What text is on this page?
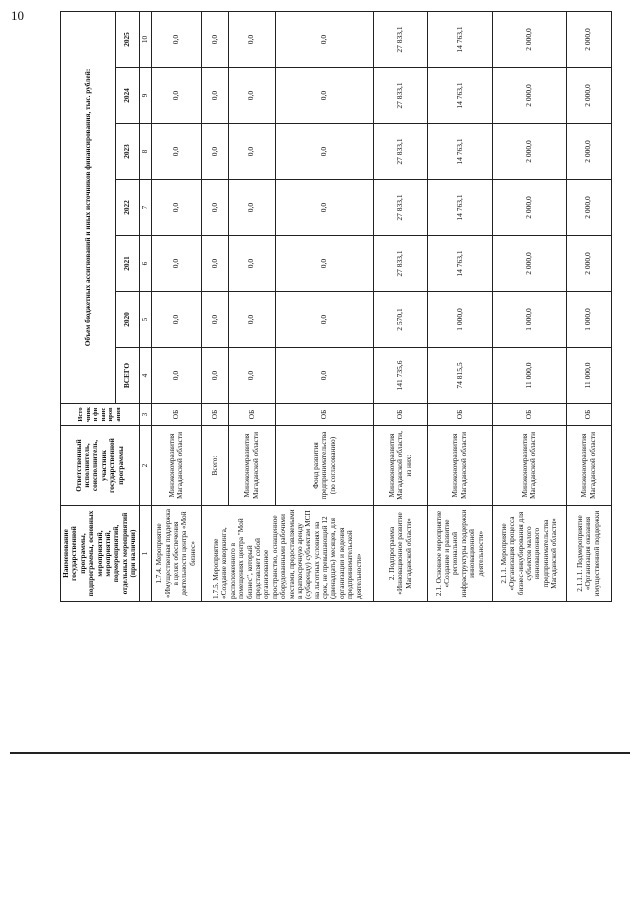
10
Наименование государственной программы, подпрограммы, основных мероприятий, мероприятий, подмероприятий, отдельных мероприятий (при наличии)	Ответственный исполнитель, соисполнитель, участник государственной программы	Источники финансирования	Объем бюджетных ассигнований и иных источников финансирования, тыс. рублей:						
			ВСЕГО	2020	2021	2022	2023	2024	2025
1	2	3	4	5	6	7	8	9	10
1.7.4. Мероприятие «Имущественная поддержка в целях обеспечения деятельности центра «Мой бизнес»	Минэкономразвития Магаданской области	ОБ	0,0	0,0	0,0	0,0	0,0	0,0	0,0
1.7.5. Мероприятие «Создание коворкинга, расположенного в помещениях центра "Мой бизнес", который представляет собой организованное пространство, оснащенное оборудованными рабочими местами, предоставляемыми в краткосрочную аренду (субаренду) субъектам МСП на льготных условиях на срок, не превышающий 12 (двенадцать) месяцев, для организации и ведения предпринимательской деятельности»	Всего:	ОБ	0,0	0,0	0,0	0,0	0,0	0,0	0,0
	Минэкономразвития Магаданской области	ОБ	0,0	0,0	0,0	0,0	0,0	0,0	0,0
	Фонд развития предпринимательства (по согласованию)	ОБ	0,0	0,0	0,0	0,0	0,0	0,0	0,0
2. Подпрограмма «Инновационное развитие Магаданской области»	Минэкономразвития Магаданской области, из них:	ОБ	141 735,6	2 570,1	27 833,1	27 833,1	27 833,1	27 833,1	27 833,1
2.1. Основное мероприятие «Создание и развитие региональной инфраструктуры поддержки инновационной деятельности»	Минэкономразвития Магаданской области	ОБ	74 815,5	1 000,0	14 763,1	14 763,1	14 763,1	14 763,1	14 763,1
2.1.1. Мероприятие «Организация процесса бизнес-инкубирования для субъектов малого инновационного предпринимательства Магаданской области»	Минэкономразвития Магаданской области	ОБ	11 000,0	1 000,0	2 000,0	2 000,0	2 000,0	2 000,0	2 000,0
2.1.1.1. Подмероприятие «Организация оказания имущественной поддержки	Минэкономразвития Магаданской области	ОБ	11 000,0	1 000,0	2 000,0	2 000,0	2 000,0	2 000,0	2 000,0
